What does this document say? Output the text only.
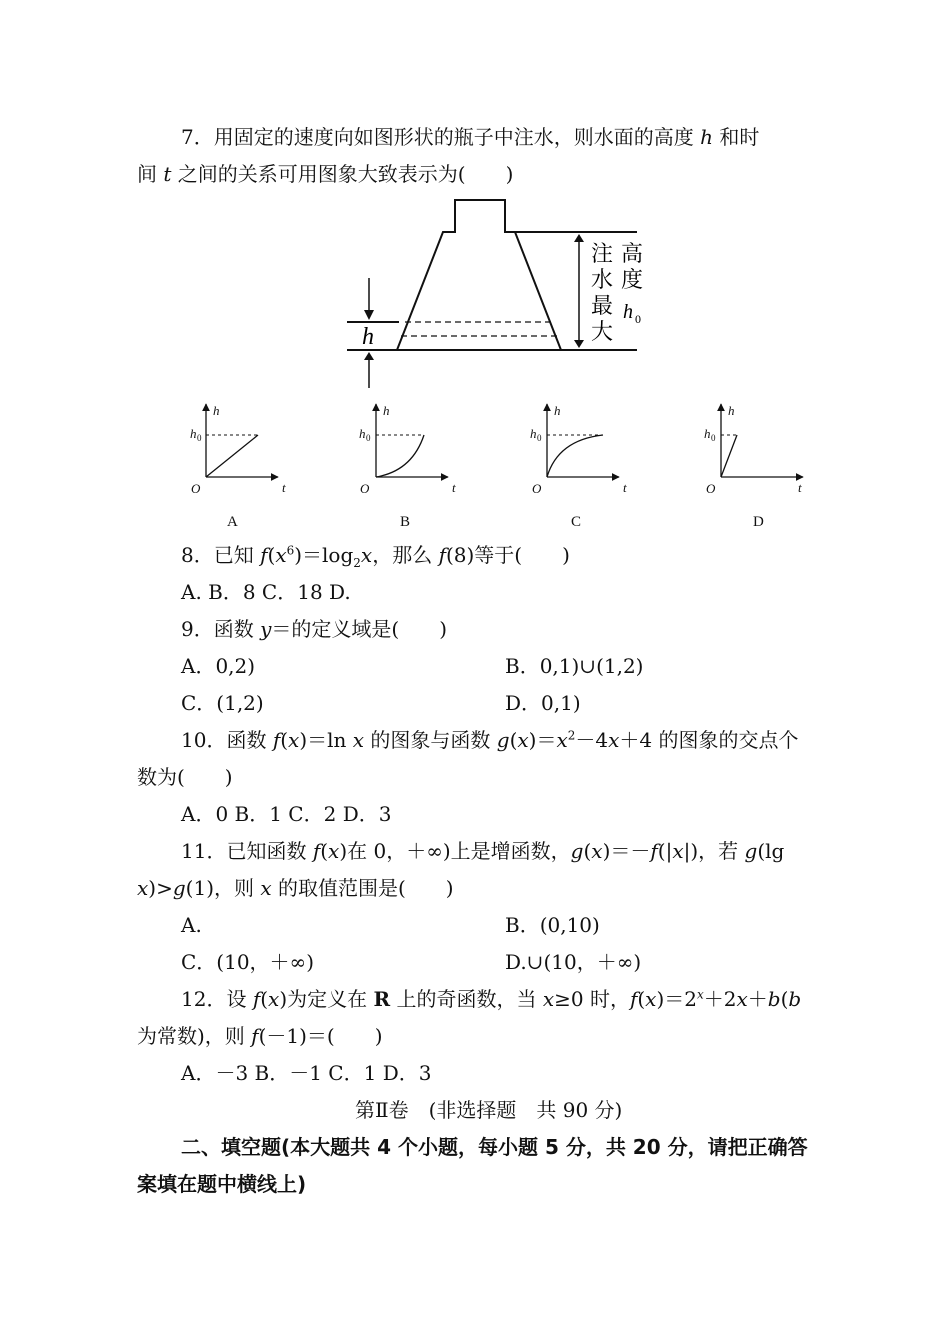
7．用固定的速度向如图形状的瓶子中注水，则水面的高度 h 和时
间 t 之间的关系可用图象大致表示为(　　)
h
注
水
最
大
高
度
h 0
h	h	h	h
t	t	t	t
O	O	O	O
h 0	h 0	h 0	h 0
A	B	C	D
8．已知 $f(x^6)=\log_2x$，那么 f(8)等于(　　)
A. B．8 C．18 D.
9．函数 y＝的定义域是(　　)
A．0,2)	B．0,1)∪(1,2)
C．(1,2)	D．0,1)
10．函数 f(x)＝ln x 的图象与函数 $g(x)=x^2-4x+4$ 的图象的交点个
数为(　　)
A．0 B．1 C．2 D．3
11．已知函数 f(x)在 0，＋∞)上是增函数，g(x)＝－f(|x|)，若 g(lg
x)>g(1)，则 x 的取值范围是(　　)
A.	B．(0,10)
C．(10，＋∞)	D.∪(10，＋∞)
12．设 f(x)为定义在 R 上的奇函数，当 x≥0 时，$f(x)=2^x+2x+b(b$
为常数)，则 f(－1)＝(　　)
A．－3 B．－1 C．1 D．3
第Ⅱ卷　(非选择题　共 90 分)
二、填空题(本大题共 4 个小题，每小题 5 分，共 20 分，请把正确答
案填在题中横线上)
